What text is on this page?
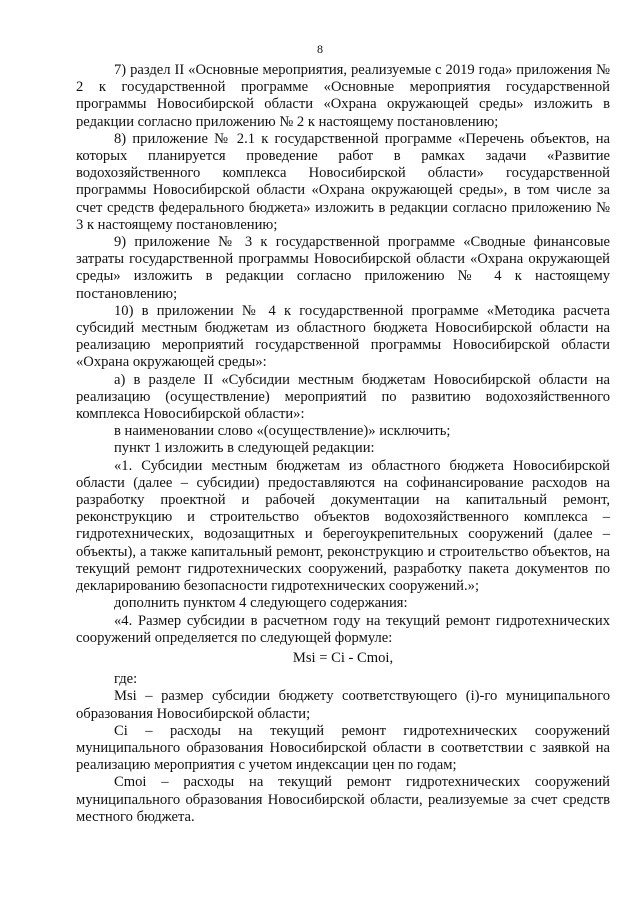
8

7) раздел II «Основные мероприятия, реализуемые с 2019 года» приложения № 2 к государственной программе «Основные мероприятия государственной программы Новосибирской области «Охрана окружающей среды» изложить в редакции согласно приложению № 2 к настоящему постановлению;

8) приложение № 2.1 к государственной программе «Перечень объектов, на которых планируется проведение работ в рамках задачи «Развитие водохозяйственного комплекса Новосибирской области» государственной программы Новосибирской области «Охрана окружающей среды», в том числе за счет средств федерального бюджета» изложить в редакции согласно приложению № 3 к настоящему постановлению;

9) приложение № 3 к государственной программе «Сводные финансовые затраты государственной программы Новосибирской области «Охрана окружающей среды» изложить в редакции согласно приложению № 4 к настоящему постановлению;

10) в приложении № 4 к государственной программе «Методика расчета субсидий местным бюджетам из областного бюджета Новосибирской области на реализацию мероприятий государственной программы Новосибирской области «Охрана окружающей среды»:

а) в разделе II «Субсидии местным бюджетам Новосибирской области на реализацию (осуществление) мероприятий по развитию водохозяйственного комплекса Новосибирской области»:

в наименовании слово «(осуществление)» исключить;

пункт 1 изложить в следующей редакции:

«1. Субсидии местным бюджетам из областного бюджета Новосибирской области (далее – субсидии) предоставляются на софинансирование расходов на разработку проектной и рабочей документации на капитальный ремонт, реконструкцию и строительство объектов водохозяйственного комплекса – гидротехнических, водозащитных и берегоукрепительных сооружений (далее – объекты), а также капитальный ремонт, реконструкцию и строительство объектов, на текущий ремонт гидротехнических сооружений, разработку пакета документов по декларированию безопасности гидротехнических сооружений.»;

дополнить пунктом 4 следующего содержания:

«4. Размер субсидии в расчетном году на текущий ремонт гидротехнических сооружений определяется по следующей формуле:

Msi = Ci - Cmoi,

где:

Msi – размер субсидии бюджету соответствующего (i)-го муниципального образования Новосибирской области;

Ci – расходы на текущий ремонт гидротехнических сооружений муниципального образования Новосибирской области в соответствии с заявкой на реализацию мероприятия с учетом индексации цен по годам;

Cmoi – расходы на текущий ремонт гидротехнических сооружений муниципального образования Новосибирской области, реализуемые за счет средств местного бюджета.
